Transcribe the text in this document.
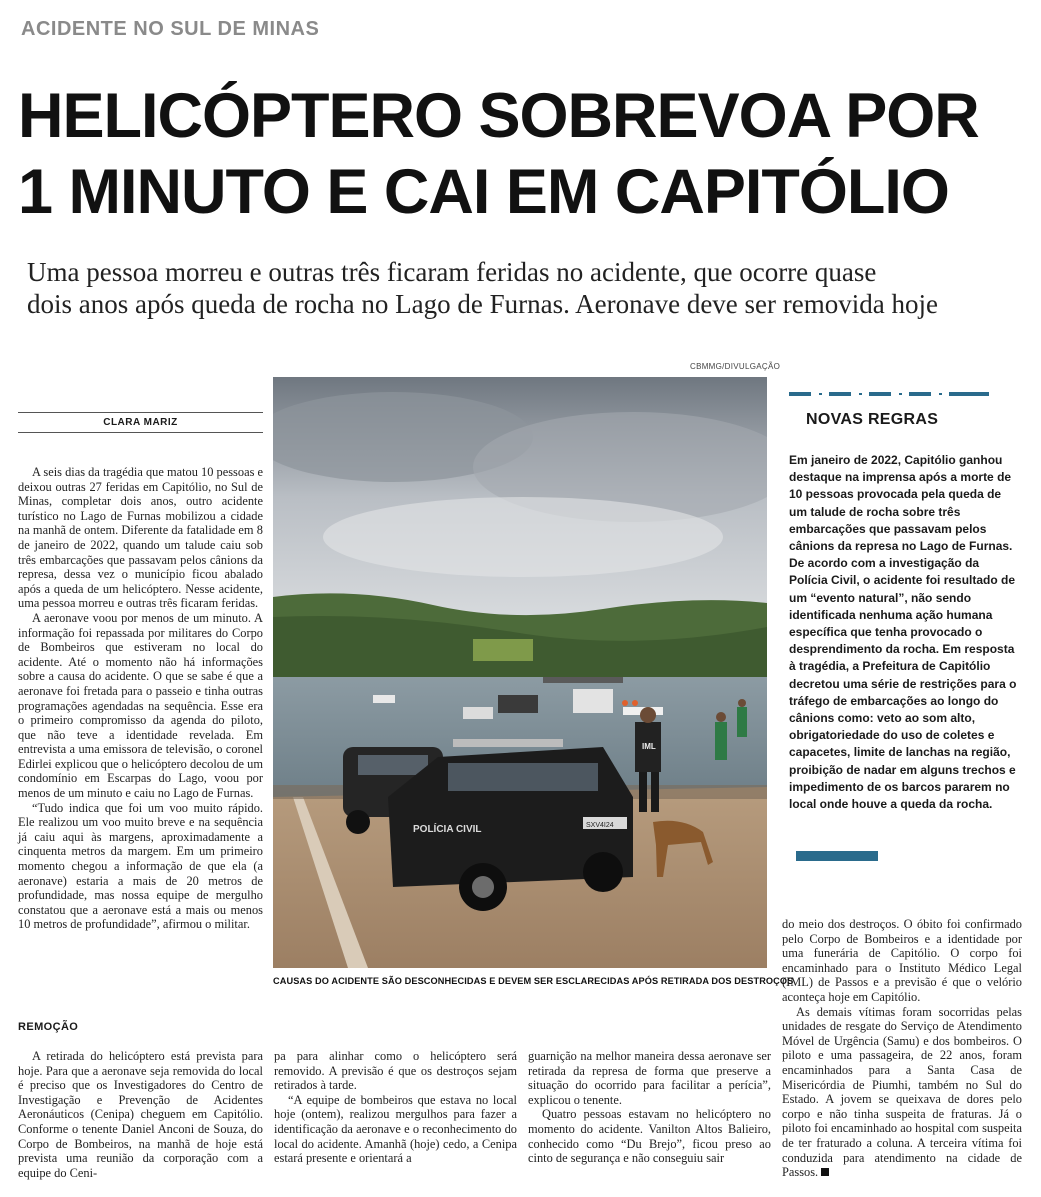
ACIDENTE NO SUL DE MINAS
HELICÓPTERO SOBREVOA POR
1 MINUTO E CAI EM CAPITÓLIO
Uma pessoa morreu e outras três ficaram feridas no acidente, que ocorre quase
dois anos após queda de rocha no Lago de Furnas. Aeronave deve ser removida hoje
CBMMG/DIVULGAÇÃO
CLARA MARIZ

A seis dias da tragédia que matou 10 pessoas e deixou outras 27 feridas em Capitólio, no Sul de Minas, completar dois anos, outro acidente turístico no Lago de Furnas mobilizou a cidade na manhã de ontem. Diferente da fatalidade em 8 de janeiro de 2022, quando um talude caiu sob três embarcações que passavam pelos cânions da represa, dessa vez o município ficou abalado após a queda de um helicóptero. Nesse acidente, uma pessoa morreu e outras três ficaram feridas.

A aeronave voou por menos de um minuto. A informação foi repassada por militares do Corpo de Bombeiros que estiveram no local do acidente. Até o momento não há informações sobre a causa do acidente. O que se sabe é que a aeronave foi fretada para o passeio e tinha outras programações agendadas na sequência. Esse era o primeiro compromisso da agenda do piloto, que não teve a identidade revelada. Em entrevista a uma emissora de televisão, o coronel Edirlei explicou que o helicóptero decolou de um condomínio em Escarpas do Lago, voou por menos de um minuto e caiu no Lago de Furnas.

“Tudo indica que foi um voo muito rápido. Ele realizou um voo muito breve e na sequência já caiu aqui às margens, aproximadamente a cinquenta metros da margem. Em um primeiro momento chegou a informação de que ela (a aeronave) estaria a mais de 20 metros de profundidade, mas nossa equipe de mergulho constatou que a aeronave está a mais ou menos 10 metros de profundidade”, afirmou o militar.

REMOÇÃO

A retirada do helicóptero está prevista para hoje. Para que a aeronave seja removida do local é preciso que os Investigadores do Centro de Investigação e Prevenção de Acidentes Aeronáuticos (Cenipa) cheguem em Capitólio. Conforme o tenente Daniel Anconi de Souza, do Corpo de Bombeiros, na manhã de hoje está prevista uma reunião da corporação com a equipe do Ceni-

pa para alinhar como o helicóptero será removido. A previsão é que os destroços sejam retirados à tarde.

“A equipe de bombeiros que estava no local hoje (ontem), realizou mergulhos para fazer a identificação da aeronave e o reconhecimento do local do acidente. Amanhã (hoje) cedo, a Cenipa estará presente e orientará a

guarnição na melhor maneira dessa aeronave ser retirada da represa de forma que preserve a situação do ocorrido para facilitar a perícia”, explicou o tenente.

Quatro pessoas estavam no helicóptero no momento do acidente. Vanilton Altos Balieiro, conhecido como “Du Brejo”, ficou preso ao cinto de segurança e não conseguiu sair

do meio dos destroços. O óbito foi confirmado pelo Corpo de Bombeiros e a identidade por uma funerária de Capitólio. O corpo foi encaminhado para o Instituto Médico Legal (IML) de Passos e a previsão é que o velório aconteça hoje em Capitólio.

As demais vítimas foram socorridas pelas unidades de resgate do Serviço de Atendimento Móvel de Urgência (Samu) e dos bombeiros. O piloto e uma passageira, de 22 anos, foram encaminhados para a Santa Casa de Misericórdia de Piumhi, também no Sul do Estado. A jovem se queixava de dores pelo corpo e não tinha suspeita de fraturas. Já o piloto foi encaminhado ao hospital com suspeita de ter fraturado a coluna. A terceira vítima foi conduzida para atendimento na cidade de Passos.

POLÍCIA CIVIL	SXV4I24
IML
CAUSAS DO ACIDENTE SÃO DESCONHECIDAS E DEVEM SER ESCLARECIDAS APÓS RETIRADA DOS DESTROÇOS
NOVAS REGRAS
Em janeiro de 2022, Capitólio ganhou
destaque na imprensa após a morte de
10 pessoas provocada pela queda de
um talude de rocha sobre três
embarcações que passavam pelos
cânions da represa no Lago de Furnas.
De acordo com a investigação da
Polícia Civil, o acidente foi resultado de
um “evento natural”, não sendo
identificada nenhuma ação humana
específica que tenha provocado o
desprendimento da rocha. Em resposta
à tragédia, a Prefeitura de Capitólio
decretou uma série de restrições para o
tráfego de embarcações ao longo do
cânions como: veto ao som alto,
obrigatoriedade do uso de coletes e
capacetes, limite de lanchas na região,
proibição de nadar em alguns trechos e
impedimento de os barcos pararem no
local onde houve a queda da rocha.
